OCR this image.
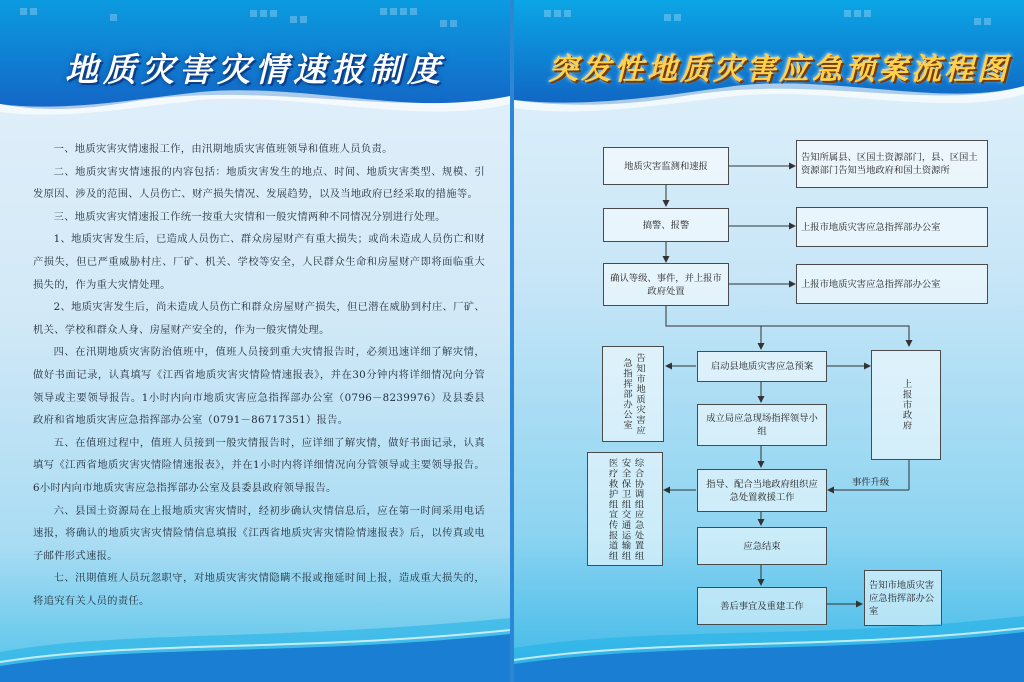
地质灾害灾情速报制度

一、地质灾害灾情速报工作，由汛期地质灾害值班领导和值班人员负责。

二、地质灾害灾情速报的内容包括：地质灾害发生的地点、时间、地质灾害类型、规模、引发原因、涉及的范围、人员伤亡、财产损失情况、发展趋势，以及当地政府已经采取的措施等。

三、地质灾害灾情速报工作统一按重大灾情和一般灾情两种不同情况分别进行处理。

1、地质灾害发生后，已造成人员伤亡、群众房屋财产有重大损失；或尚未造成人员伤亡和财产损失，但已严重威胁村庄、厂矿、机关、学校等安全，人民群众生命和房屋财产即将面临重大损失的，作为重大灾情处理。

2、地质灾害发生后，尚未造成人员伤亡和群众房屋财产损失，但已潜在威胁到村庄、厂矿、机关、学校和群众人身、房屋财产安全的，作为一般灾情处理。

四、在汛期地质灾害防治值班中，值班人员接到重大灾情报告时，必须迅速详细了解灾情，做好书面记录，认真填写《江西省地质灾害灾情险情速报表》，并在30分钟内将详细情况向分管领导或主要领导报告。1小时内向市地质灾害应急指挥部办公室（0796－8239976）及县委县政府和省地质灾害应急指挥部办公室（0791－86717351）报告。

五、在值班过程中，值班人员接到一般灾情报告时，应详细了解灾情，做好书面记录，认真填写《江西省地质灾害灾情险情速报表》，并在1小时内将详细情况向分管领导或主要领导报告。6小时内向市地质灾害应急指挥部办公室及县委县政府领导报告。

六、县国土资源局在上报地质灾害灾情时，经初步确认灾情信息后，应在第一时间采用电话速报，将确认的地质灾害灾情险情信息填报《江西省地质灾害灾情险情速报表》后，以传真或电子邮件形式速报。

七、汛期值班人员玩忽职守，对地质灾害灾情隐瞒不报或拖延时间上报，造成重大损失的，将追究有关人员的责任。

突发性地质灾害应急预案流程图
地质灾害监测和速报
告知所属县、区国土资源部门，县、区国土资源部门告知当地政府和国土资源所
搞警、报警	上报市地质灾害应急指挥部办公室
确认等级、事件，并上报市政府处置
上报市地质灾害应急指挥部办公室
告知市地质灾害应急指挥部办公室	启动县地质灾害应急预案
上报市政府
成立局应急现场指挥领导小组
综合协调组应急处置组安全保卫组交通运输组医疗救护组宣传报道组	指导、配合当地政府组织应急处置救援工作
事件升级
应急结束
善后事宜及重建工作
告知市地质灾害应急指挥部办公室
